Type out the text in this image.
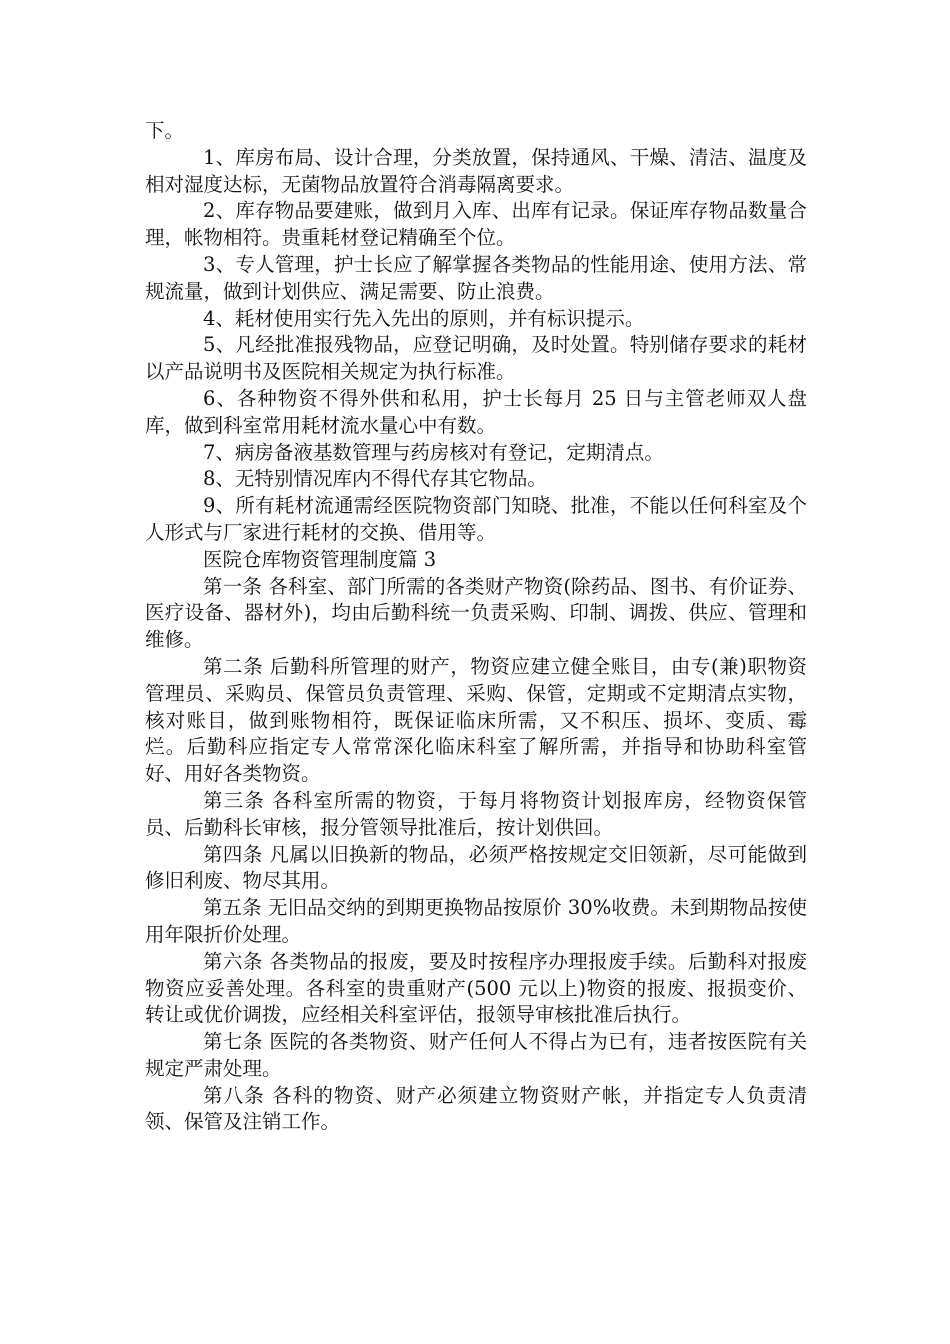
下。

1、库房布局、设计合理，分类放置，保持通风、干燥、清洁、温度及相对湿度达标，无菌物品放置符合消毒隔离要求。

2、库存物品要建账，做到月入库、出库有记录。保证库存物品数量合理，帐物相符。贵重耗材登记精确至个位。

3、专人管理，护士长应了解掌握各类物品的性能用途、使用方法、常规流量，做到计划供应、满足需要、防止浪费。

4、耗材使用实行先入先出的原则，并有标识提示。

5、凡经批准报残物品，应登记明确，及时处置。特别储存要求的耗材以产品说明书及医院相关规定为执行标准。

6、各种物资不得外供和私用，护士长每月 25 日与主管老师双人盘库，做到科室常用耗材流水量心中有数。

7、病房备液基数管理与药房核对有登记，定期清点。

8、无特别情况库内不得代存其它物品。

9、所有耗材流通需经医院物资部门知晓、批准，不能以任何科室及个人形式与厂家进行耗材的交换、借用等。

医院仓库物资管理制度篇 3

第一条 各科室、部门所需的各类财产物资(除药品、图书、有价证券、医疗设备、器材外)，均由后勤科统一负责采购、印制、调拨、供应、管理和维修。

第二条 后勤科所管理的财产，物资应建立健全账目，由专(兼)职物资管理员、采购员、保管员负责管理、采购、保管，定期或不定期清点实物，核对账目，做到账物相符，既保证临床所需，又不积压、损坏、变质、霉烂。后勤科应指定专人常常深化临床科室了解所需，并指导和协助科室管好、用好各类物资。

第三条 各科室所需的物资，于每月将物资计划报库房，经物资保管员、后勤科长审核，报分管领导批准后，按计划供回。

第四条 凡属以旧换新的物品，必须严格按规定交旧领新，尽可能做到修旧利废、物尽其用。

第五条 无旧品交纳的到期更换物品按原价 30%收费。未到期物品按使用年限折价处理。

第六条 各类物品的报废，要及时按程序办理报废手续。后勤科对报废物资应妥善处理。各科室的贵重财产(500 元以上)物资的报废、报损变价、转让或优价调拨，应经相关科室评估，报领导审核批准后执行。

第七条 医院的各类物资、财产任何人不得占为已有，违者按医院有关规定严肃处理。

第八条 各科的物资、财产必须建立物资财产帐，并指定专人负责清领、保管及注销工作。
